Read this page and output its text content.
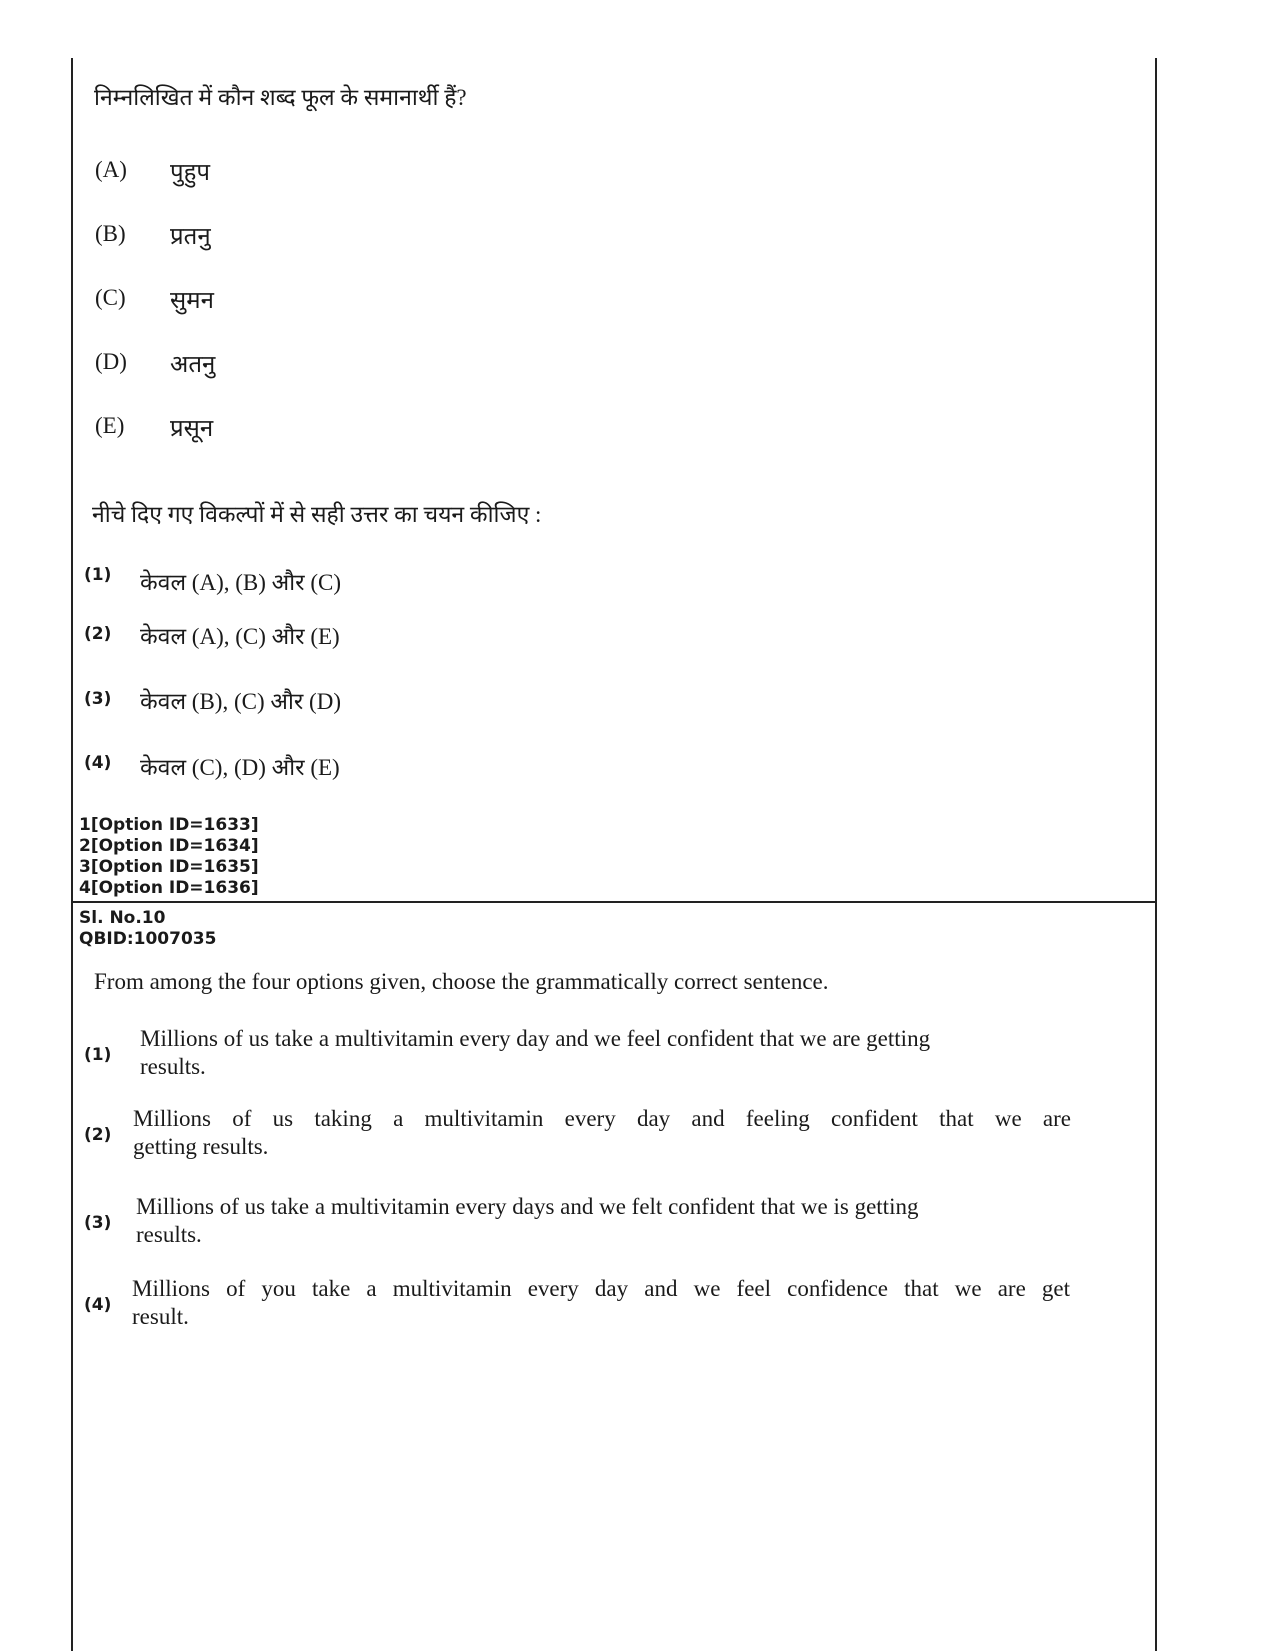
निम्नलिखित में कौन शब्द फूल के समानार्थी हैं?
(A) पुहुप
(B) प्रतनु
(C) सुमन
(D) अतनु
(E) प्रसून
नीचे दिए गए विकल्पों में से सही उत्तर का चयन कीजिए :
(1) केवल (A), (B) और (C)
(2) केवल (A), (C) और (E)
(3) केवल (B), (C) और (D)
(4) केवल (C), (D) और (E)
1[Option ID=1633]
2[Option ID=1634]
3[Option ID=1635]
4[Option ID=1636]
Sl. No.10
QBID:1007035
From among the four options given, choose the grammatically correct sentence.
(1)
Millions of us take a multivitamin every day and we feel confident that we are getting
results.
(2)
Millions of us taking a multivitamin every day and feeling confident that we are
getting results.
(3)
Millions of us take a multivitamin every days and we felt confident that we is getting
results.
(4)
Millions of you take a multivitamin every day and we feel confidence that we are get
result.
